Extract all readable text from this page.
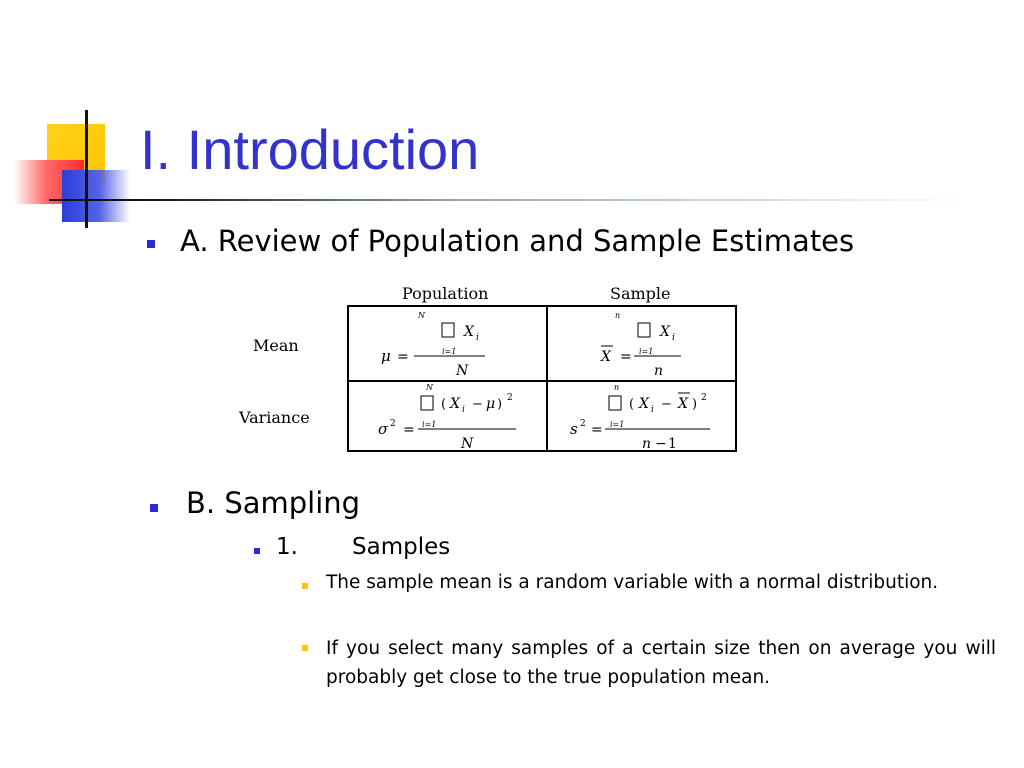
I. Introduction
A. Review of Population and Sample Estimates
Population	Sample
Mean
Variance
N
X i
μ =	i=1
N
n
X i
X = i=1
n
N
( X i − μ ) 2
σ 2 = i=1
N
n
( X i − X ) 2
s 2 = i=1
n − 1
B. Sampling
1. Samples
The sample mean is a random variable with a normal distribution.
If you select many samples of a certain size then on average you will probably get close to the true population mean.
